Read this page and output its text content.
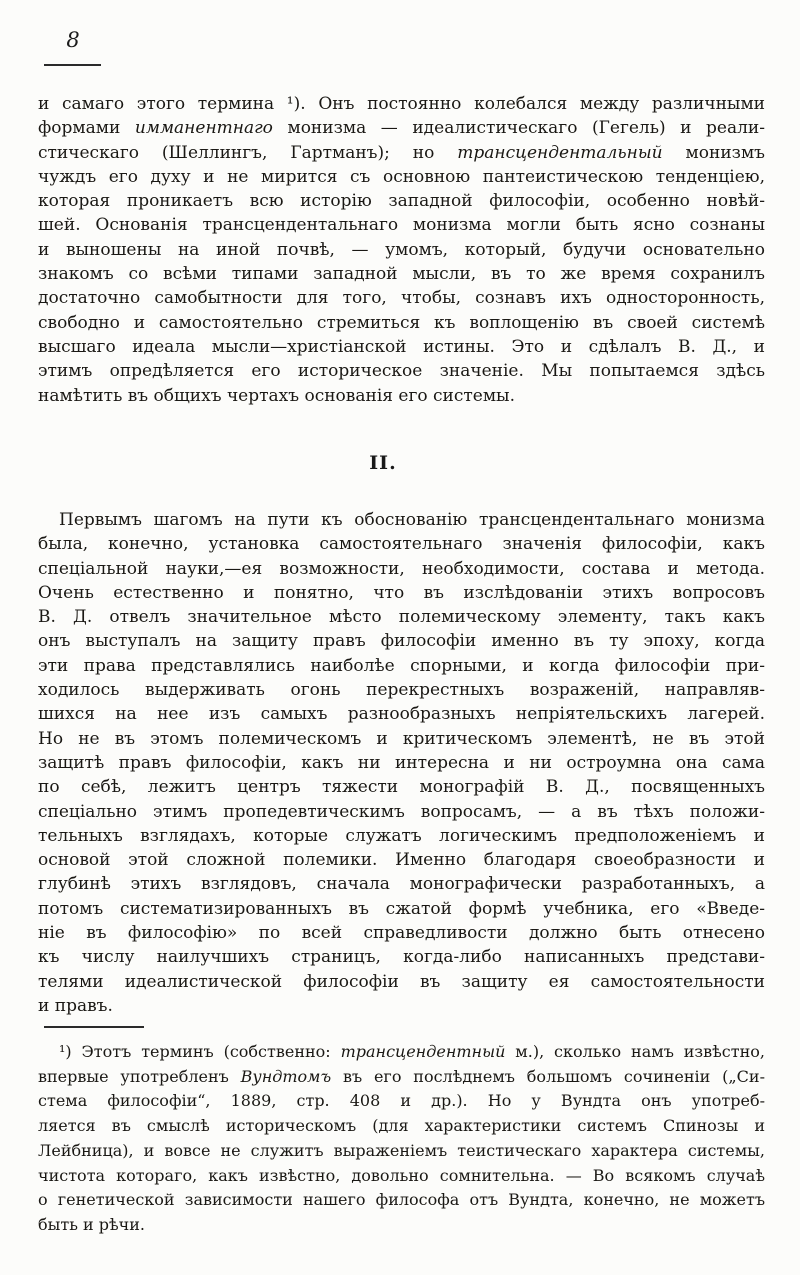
8
и самаго этого термина ¹). Онъ постоянно колебался между различными
формами имманентнаго монизма — идеалистическаго (Гегель) и реали-
стическаго (Шеллингъ, Гартманъ); но трансцендентальный монизмъ
чуждъ его духу и не мирится съ основною пантеистическою тенденціею,
которая проникаетъ всю исторію западной философіи, особенно новѣй-
шей. Основанія трансцендентальнаго монизма могли быть ясно сознаны
и выношены на иной почвѣ, — умомъ, который, будучи основательно
знакомъ со всѣми типами западной мысли, въ то же время сохранилъ
достаточно самобытности для того, чтобы, сознавъ ихъ односторонность,
свободно и самостоятельно стремиться къ воплощенію въ своей системѣ
высшаго идеала мысли—христіанской истины. Это и сдѣлалъ В. Д., и
этимъ опредѣляется его историческое значеніе. Мы попытаемся здѣсь
намѣтить въ общихъ чертахъ основанія его системы.
II.
Первымъ шагомъ на пути къ обоснованію трансцендентальнаго монизма
была, конечно, установка самостоятельнаго значенія философіи, какъ
спеціальной науки,—ея возможности, необходимости, состава и метода.
Очень естественно и понятно, что въ изслѣдованіи этихъ вопросовъ
В. Д. отвелъ значительное мѣсто полемическому элементу, такъ какъ
онъ выступалъ на защиту правъ философіи именно въ ту эпоху, когда
эти права представлялись наиболѣе спорными, и когда философіи при-
ходилось выдерживать огонь перекрестныхъ возраженій, направляв-
шихся на нее изъ самыхъ разнообразныхъ непріятельскихъ лагерей.
Но не въ этомъ полемическомъ и критическомъ элементѣ, не въ этой
защитѣ правъ философіи, какъ ни интересна и ни остроумна она сама
по себѣ, лежитъ центръ тяжести монографій В. Д., посвященныхъ
спеціально этимъ пропедевтическимъ вопросамъ, — а въ тѣхъ положи-
тельныхъ взглядахъ, которые служатъ логическимъ предположеніемъ и
основой этой сложной полемики. Именно благодаря своеобразности и
глубинѣ этихъ взглядовъ, сначала монографически разработанныхъ, а
потомъ систематизированныхъ въ сжатой формѣ учебника, его «Введе-
ніе въ философію» по всей справедливости должно быть отнесено
къ числу наилучшихъ страницъ, когда-либо написанныхъ представи-
телями идеалистической философіи въ защиту ея самостоятельности
и правъ.
¹) Этотъ терминъ (собственно: трансцендентный м.), сколько намъ извѣстно,
впервые употребленъ Вундтомъ въ его послѣднемъ большомъ сочиненіи („Си-
стема философіи“, 1889, стр. 408 и др.). Но у Вундта онъ употреб-
ляется въ смыслѣ историческомъ (для характеристики системъ Спинозы и
Лейбница), и вовсе не служитъ выраженіемъ теистическаго характера системы,
чистота котораго, какъ извѣстно, довольно сомнительна. — Во всякомъ случаѣ
о генетической зависимости нашего философа отъ Вундта, конечно, не можетъ
быть и рѣчи.
